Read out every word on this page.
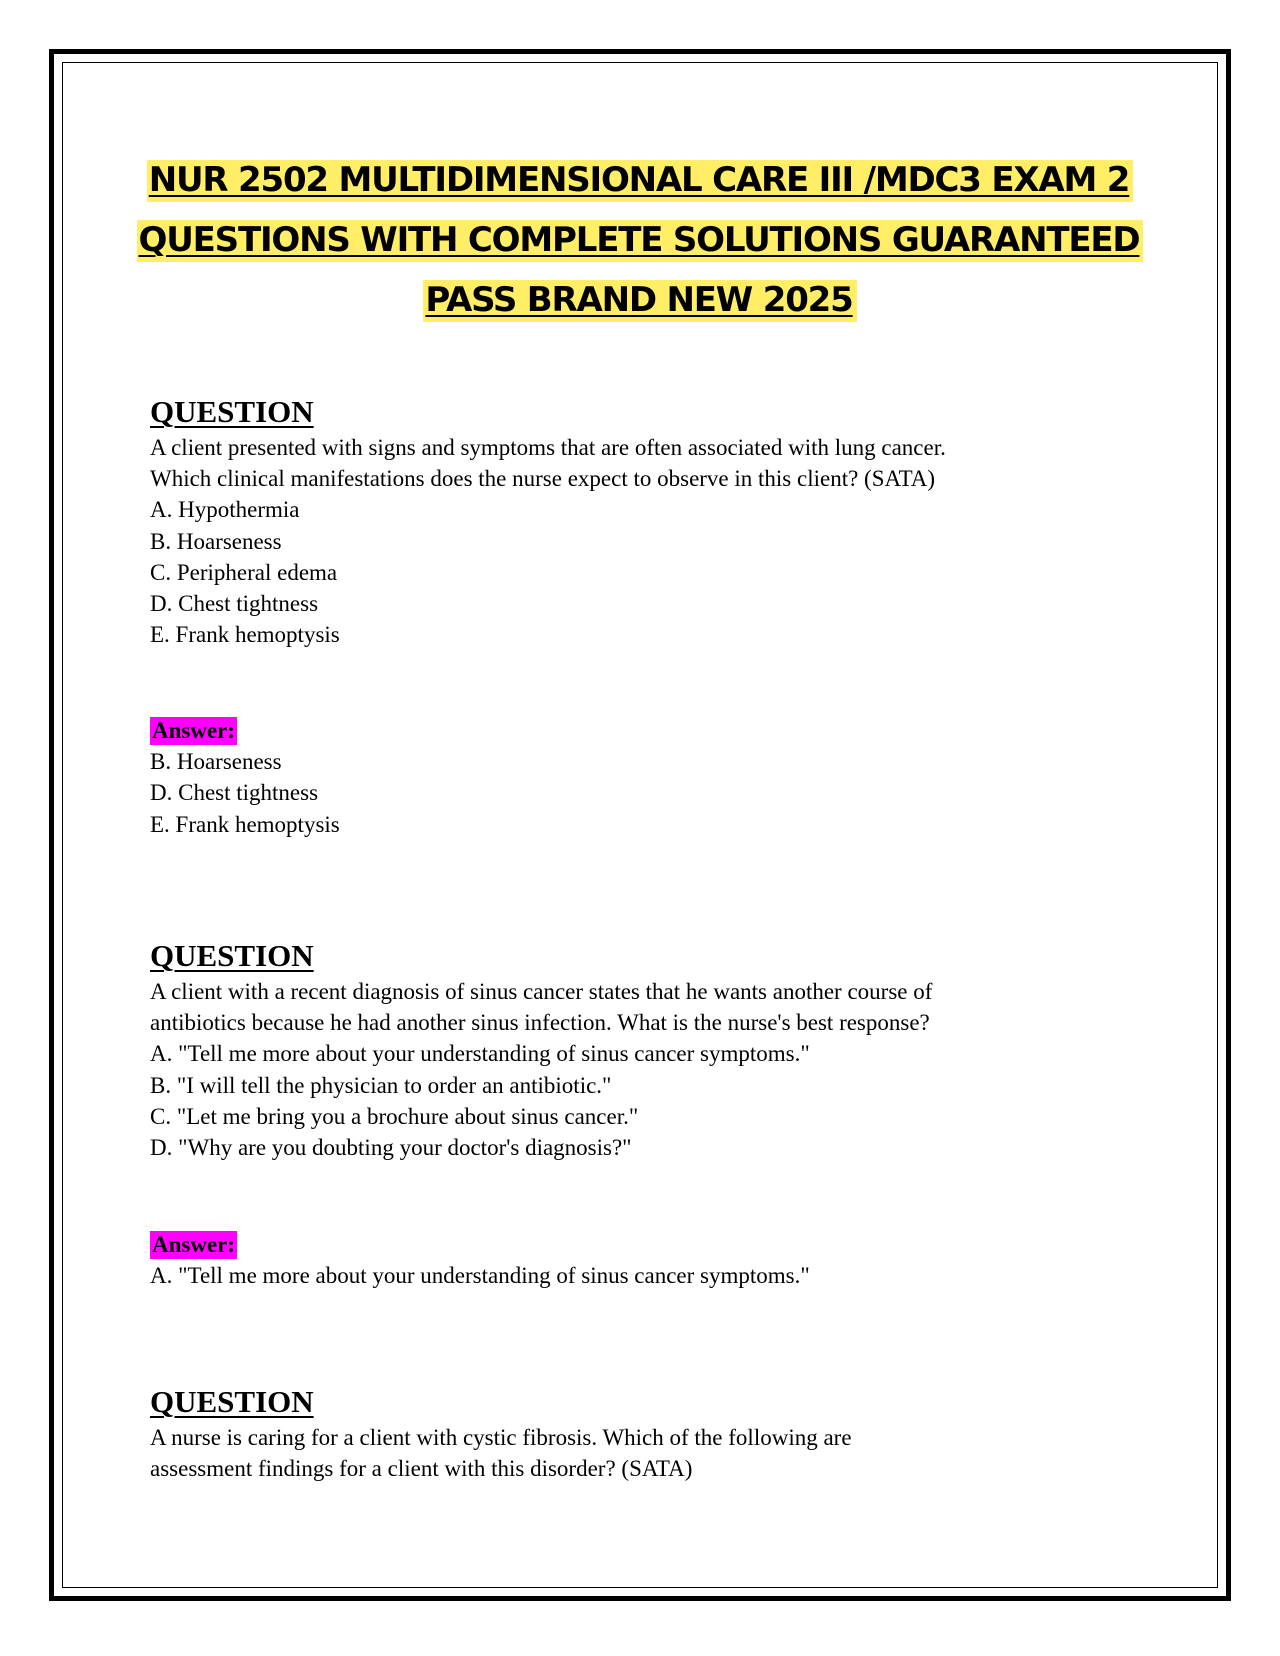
NUR 2502 MULTIDIMENSIONAL CARE III /MDC3 EXAM 2
QUESTIONS WITH COMPLETE SOLUTIONS GUARANTEED
PASS BRAND NEW 2025
QUESTION
A client presented with signs and symptoms that are often associated with lung cancer.
Which clinical manifestations does the nurse expect to observe in this client? (SATA)
A. Hypothermia
B. Hoarseness
C. Peripheral edema
D. Chest tightness
E. Frank hemoptysis
Answer:
B. Hoarseness
D. Chest tightness
E. Frank hemoptysis
QUESTION
A client with a recent diagnosis of sinus cancer states that he wants another course of
antibiotics because he had another sinus infection. What is the nurse's best response?
A. "Tell me more about your understanding of sinus cancer symptoms."
B. "I will tell the physician to order an antibiotic."
C. "Let me bring you a brochure about sinus cancer."
D. "Why are you doubting your doctor's diagnosis?"
Answer:
A. "Tell me more about your understanding of sinus cancer symptoms."
QUESTION
A nurse is caring for a client with cystic fibrosis. Which of the following are
assessment findings for a client with this disorder? (SATA)
